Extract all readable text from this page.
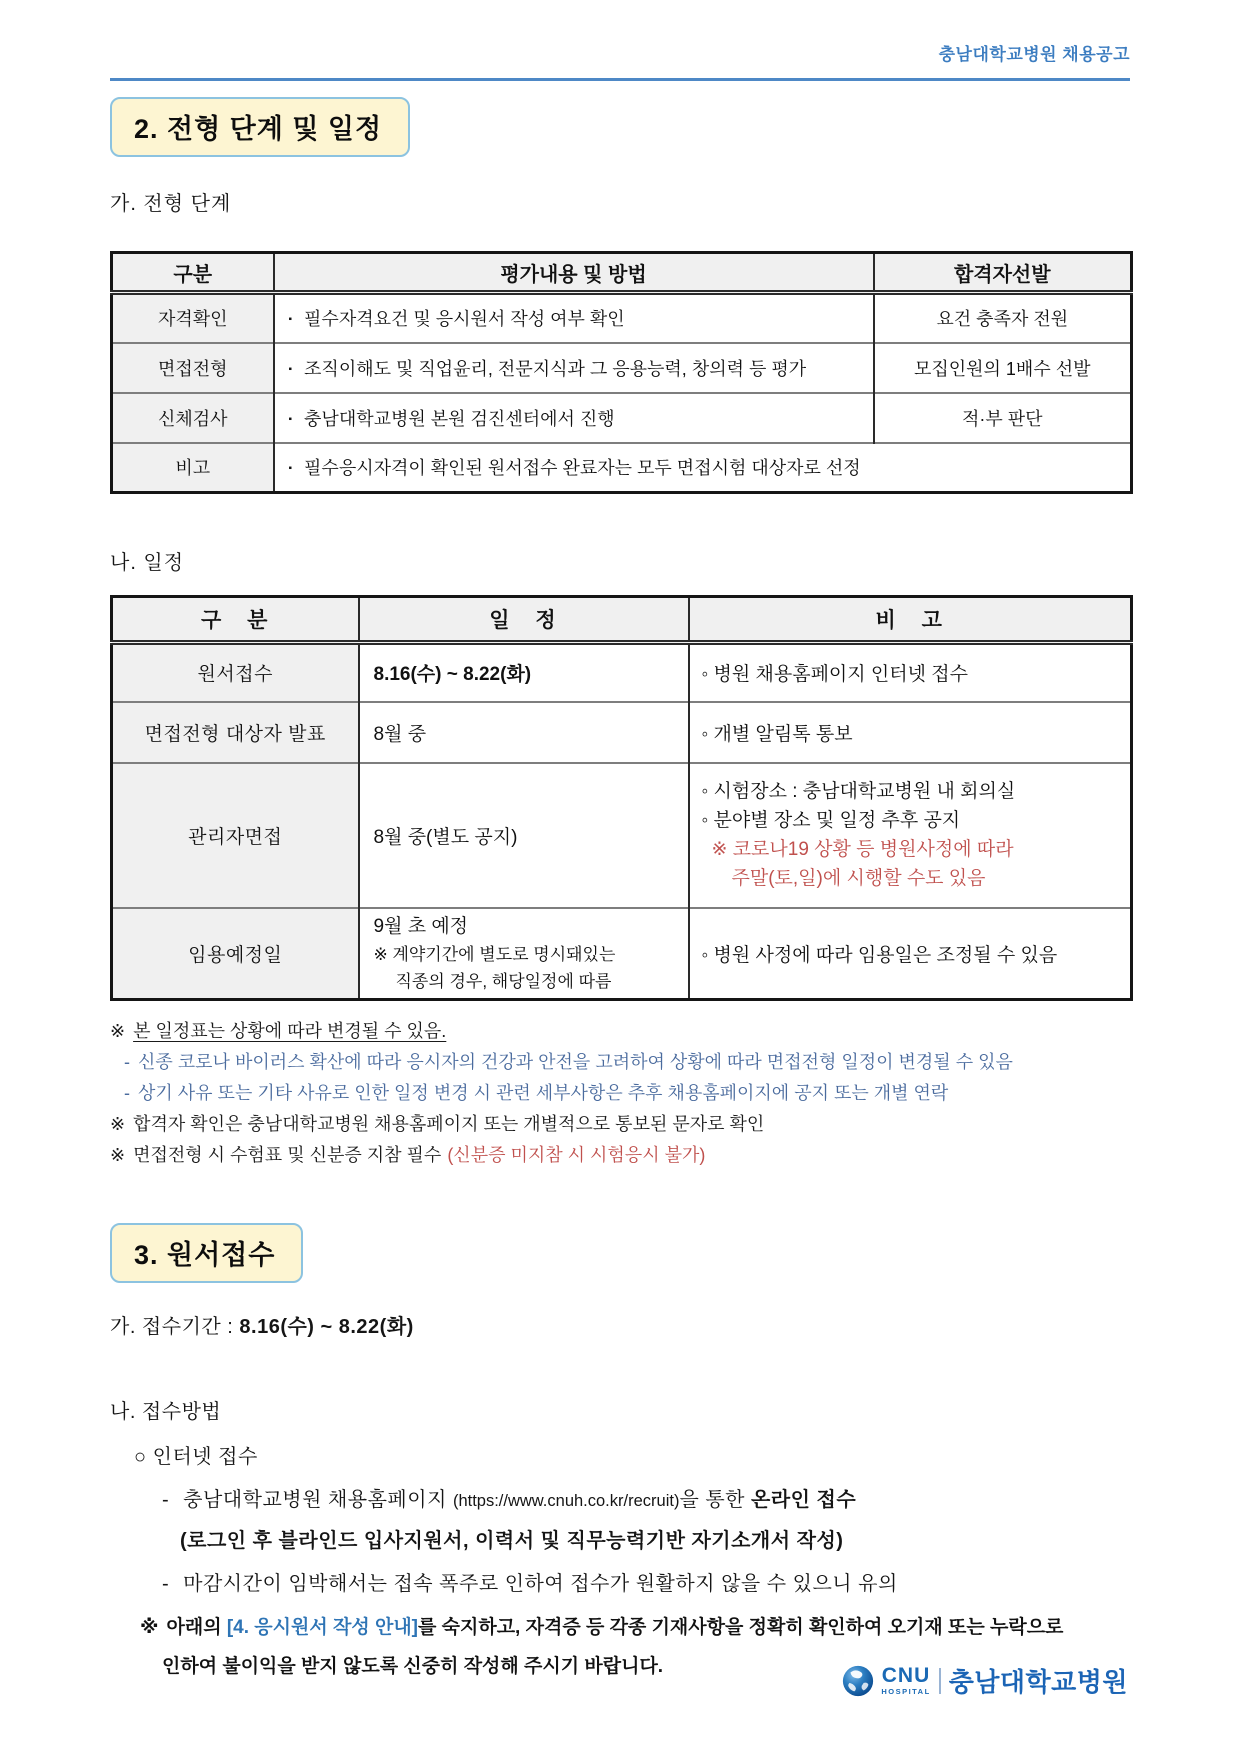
충남대학교병원 채용공고
2. 전형 단계 및 일정
가. 전형 단계
구분	평가내용 및 방법	합격자선발
자격확인	▪ 필수자격요건 및 응시원서 작성 여부 확인	요건 충족자 전원
면접전형	▪ 조직이해도 및 직업윤리, 전문지식과 그 응용능력, 창의력 등 평가	모집인원의 1배수 선발
신체검사	▪ 충남대학교병원 본원 검진센터에서 진행	적·부 판단
비고	▪ 필수응시자격이 확인된 원서접수 완료자는 모두 면접시험 대상자로 선정	
나. 일정
구 분	일 정	비 고
원서접수	8.16(수) ~ 8.22(화)	◦ 병원 채용홈페이지 인터넷 접수
면접전형 대상자 발표	8월 중	◦ 개별 알림톡 통보
관리자면접	8월 중(별도 공지)	◦ 시험장소 : 충남대학교병원 내 회의실
◦ 분야별 장소 및 일정 추후 공지
※ 코로나19 상황 등 병원사정에 따라
주말(토,일)에 시행할 수도 있음

임용예정일	9월 초 예정
※ 계약기간에 별도로 명시돼있는
직종의 경우, 해당일정에 따름	◦ 병원 사정에 따라 임용일은 조정될 수 있음
※ 본 일정표는 상황에 따라 변경될 수 있음.
- 신종 코로나 바이러스 확산에 따라 응시자의 건강과 안전을 고려하여 상황에 따라 면접전형 일정이 변경될 수 있음
- 상기 사유 또는 기타 사유로 인한 일정 변경 시 관련 세부사항은 추후 채용홈페이지에 공지 또는 개별 연락
※ 합격자 확인은 충남대학교병원 채용홈페이지 또는 개별적으로 통보된 문자로 확인
※ 면접전형 시 수험표 및 신분증 지참 필수 (신분증 미지참 시 시험응시 불가)
3. 원서접수
가. 접수기간 : 8.16(수) ~ 8.22(화)
나. 접수방법
○ 인터넷 접수
- 충남대학교병원 채용홈페이지 (https://www.cnuh.co.kr/recruit)을 통한 온라인 접수
(로그인 후 블라인드 입사지원서, 이력서 및 직무능력기반 자기소개서 작성)
- 마감시간이 임박해서는 접속 폭주로 인하여 접수가 원활하지 않을 수 있으니 유의
※ 아래의 [4. 응시원서 작성 안내]를 숙지하고, 자격증 등 각종 기재사항을 정확히 확인하여 오기재 또는 누락으로
인하여 불이익을 받지 않도록 신중히 작성해 주시기 바랍니다.	CNU
HOSPITAL 충남대학교병원
